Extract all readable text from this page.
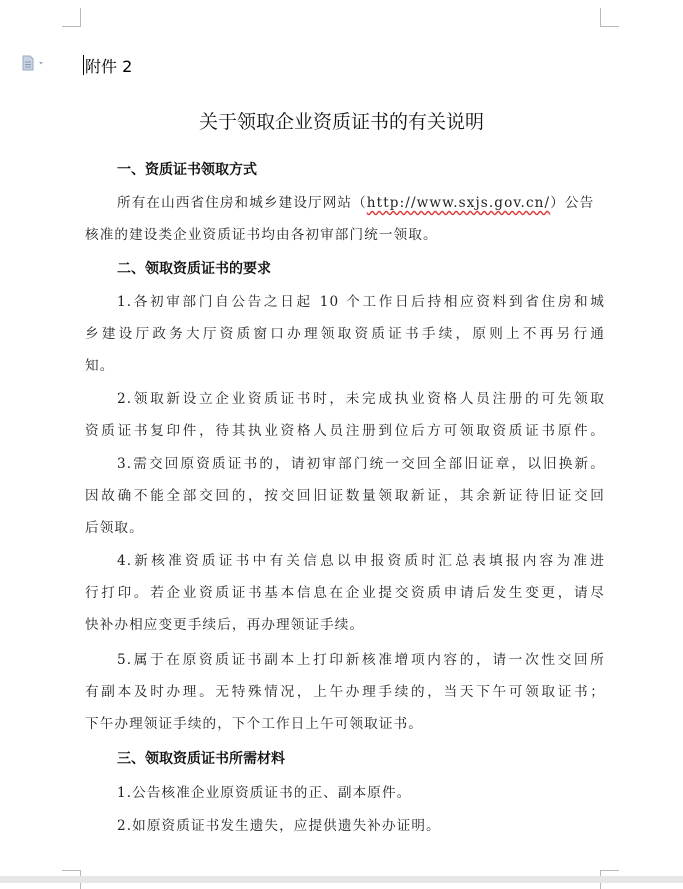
附件 2
关于领取企业资质证书的有关说明
一、资质证书领取方式
所有在山西省住房和城乡建设厅网站（http://www.sxjs.gov.cn/）公告
核准的建设类企业资质证书均由各初审部门统一领取。
二、领取资质证书的要求
1.各初审部门自公告之日起 10 个工作日后持相应资料到省住房和城
乡建设厅政务大厅资质窗口办理领取资质证书手续，原则上不再另行通
知。
2.领取新设立企业资质证书时，未完成执业资格人员注册的可先领取
资质证书复印件，待其执业资格人员注册到位后方可领取资质证书原件。
3.需交回原资质证书的，请初审部门统一交回全部旧证章，以旧换新。
因故确不能全部交回的，按交回旧证数量领取新证，其余新证待旧证交回
后领取。
4.新核准资质证书中有关信息以申报资质时汇总表填报内容为准进
行打印。若企业资质证书基本信息在企业提交资质申请后发生变更，请尽
快补办相应变更手续后，再办理领证手续。
5.属于在原资质证书副本上打印新核准增项内容的，请一次性交回所
有副本及时办理。无特殊情况，上午办理手续的，当天下午可领取证书；
下午办理领证手续的，下个工作日上午可领取证书。
三、领取资质证书所需材料
1.公告核准企业原资质证书的正、副本原件。
2.如原资质证书发生遗失，应提供遗失补办证明。
